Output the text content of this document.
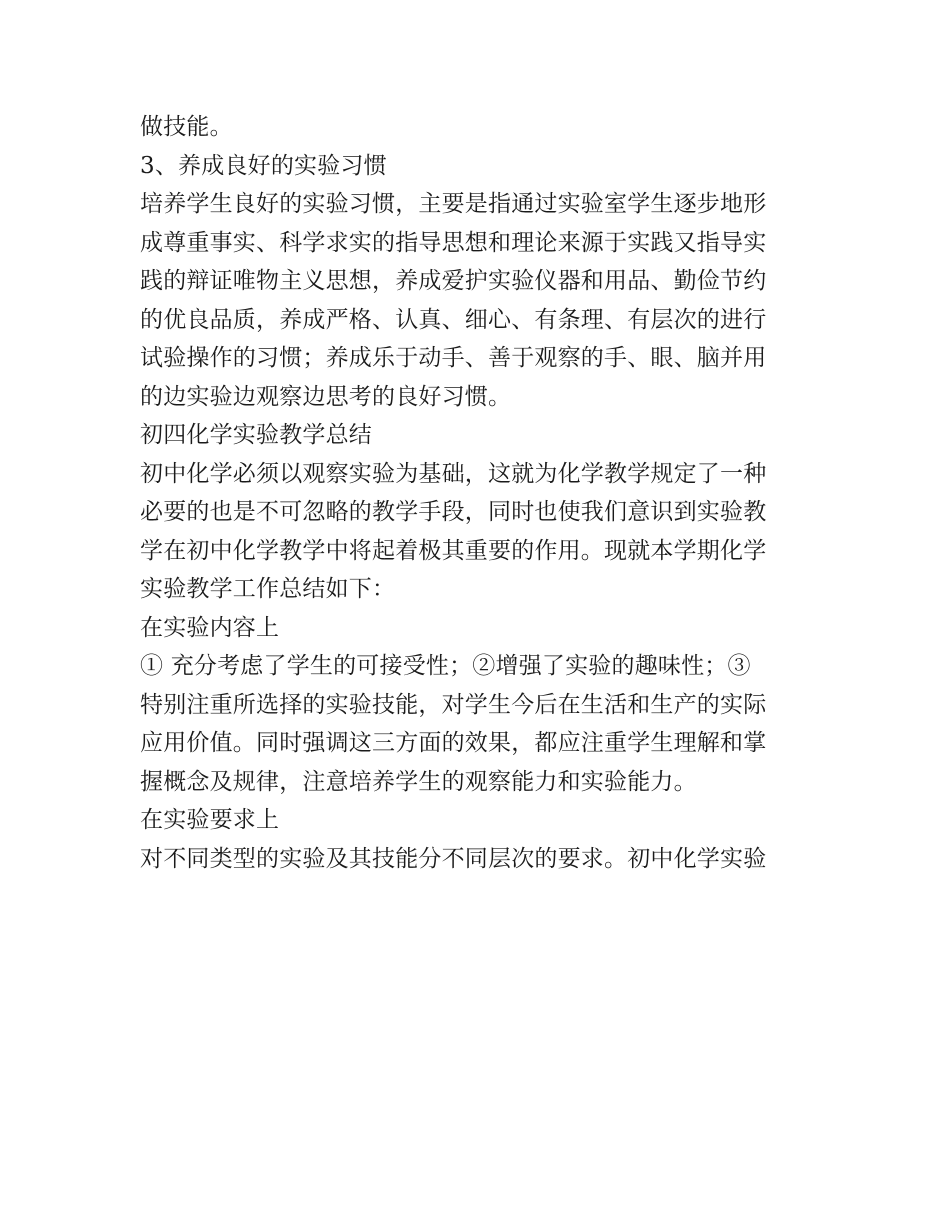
做技能。
3、养成良好的实验习惯
培养学生良好的实验习惯，主要是指通过实验室学生逐步地形
成尊重事实、科学求实的指导思想和理论来源于实践又指导实
践的辩证唯物主义思想，养成爱护实验仪器和用品、勤俭节约
的优良品质，养成严格、认真、细心、有条理、有层次的进行
试验操作的习惯；养成乐于动手、善于观察的手、眼、脑并用
的边实验边观察边思考的良好习惯。
初四化学实验教学总结
初中化学必须以观察实验为基础，这就为化学教学规定了一种
必要的也是不可忽略的教学手段，同时也使我们意识到实验教
学在初中化学教学中将起着极其重要的作用。现就本学期化学
实验教学工作总结如下：
在实验内容上
① 充分考虑了学生的可接受性；②增强了实验的趣味性；③
特别注重所选择的实验技能，对学生今后在生活和生产的实际
应用价值。同时强调这三方面的效果，都应注重学生理解和掌
握概念及规律，注意培养学生的观察能力和实验能力。
在实验要求上
对不同类型的实验及其技能分不同层次的要求。初中化学实验
